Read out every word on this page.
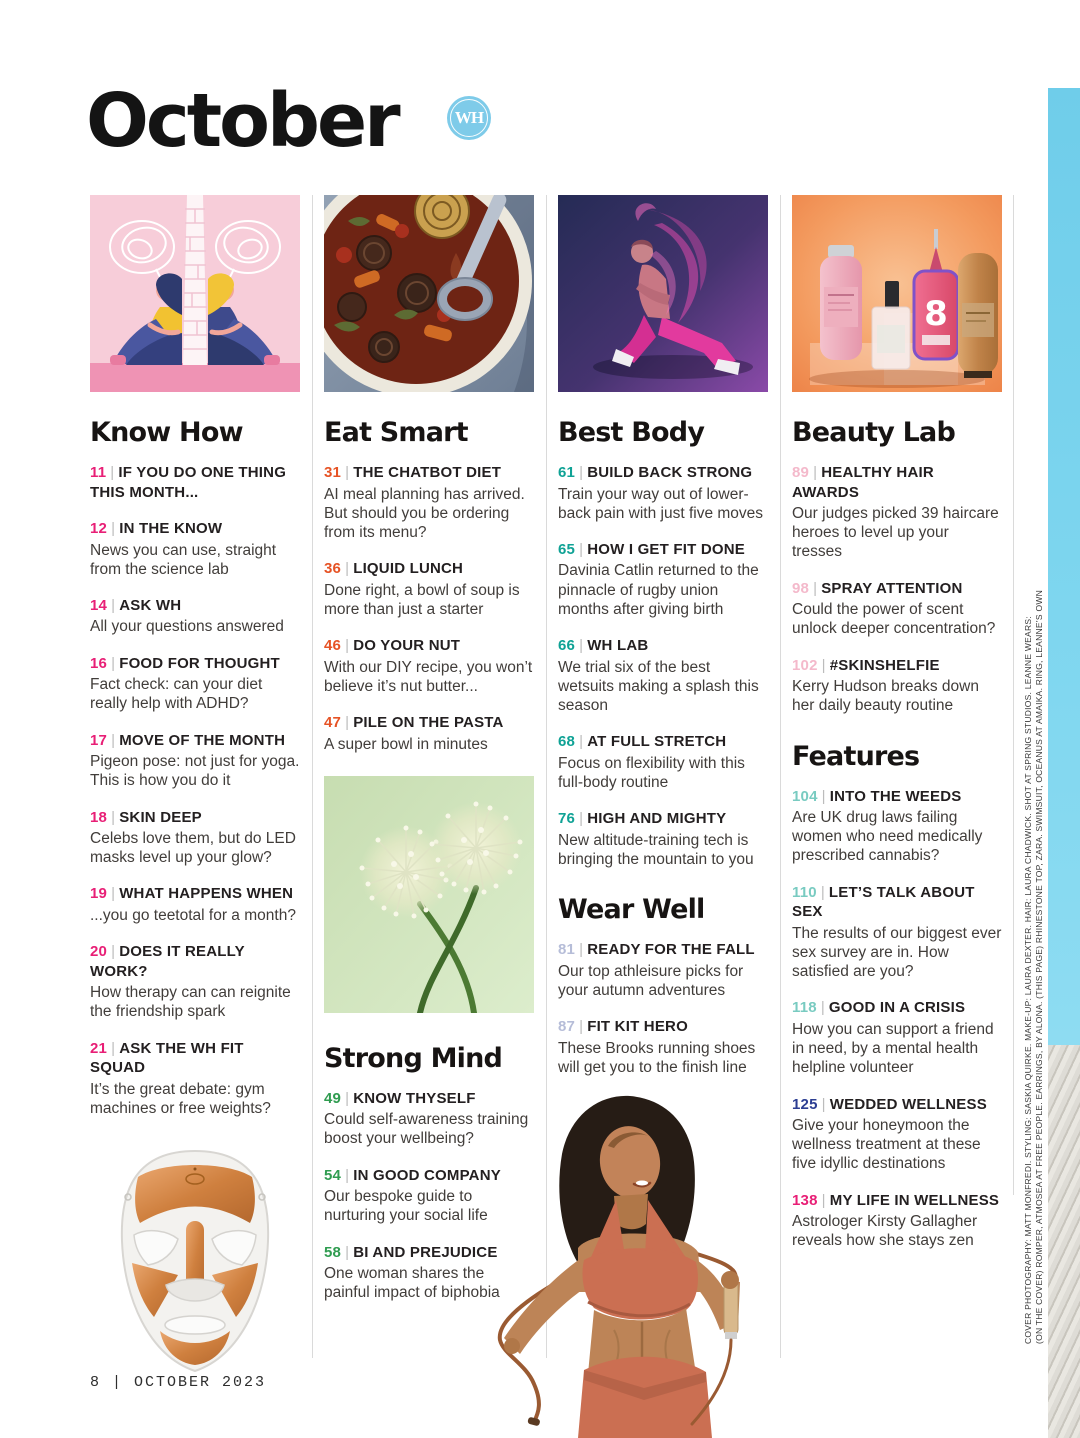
October	WH
Know How
11 | IF YOU DO ONE THING THIS MONTH...
12 | IN THE KNOW
News you can use, straight from the science lab
14 | ASK WH
All your questions answered
16 | FOOD FOR THOUGHT
Fact check: can your diet really help with ADHD?
17 | MOVE OF THE MONTH
Pigeon pose: not just for yoga. This is how you do it
18 | SKIN DEEP
Celebs love them, but do LED masks level up your glow?
19 | WHAT HAPPENS WHEN
...you go teetotal for a month?
20 | DOES IT REALLY WORK?
How therapy can can reignite the friendship spark
21 | ASK THE WH FIT SQUAD
It’s the great debate: gym machines or free weights?
Eat Smart
31 | THE CHATBOT DIET
AI meal planning has arrived. But should you be ordering from its menu?
36 | LIQUID LUNCH
Done right, a bowl of soup is more than just a starter
46 | DO YOUR NUT
With our DIY recipe, you won’t believe it’s nut butter...
47 | PILE ON THE PASTA
A super bowl in minutes
Strong Mind
49 | KNOW THYSELF
Could self-awareness training boost your wellbeing?
54 | IN GOOD COMPANY
Our bespoke guide to nurturing your social life
58 | BI AND PREJUDICE
One woman shares the painful impact of biphobia
Best Body
61 | BUILD BACK STRONG
Train your way out of lower-back pain with just five moves
65 | HOW I GET FIT DONE
Davinia Catlin returned to the pinnacle of rugby union months after giving birth
66 | WH LAB
We trial six of the best wetsuits making a splash this season
68 | AT FULL STRETCH
Focus on flexibility with this full-body routine
76 | HIGH AND MIGHTY
New altitude-training tech is bringing the mountain to you
Wear Well
81 | READY FOR THE FALL
Our top athleisure picks for your autumn adventures
87 | FIT KIT HERO
These Brooks running shoes will get you to the finish line
8
Beauty Lab
89 | HEALTHY HAIR AWARDS
Our judges picked 39 haircare heroes to level up your tresses
98 | SPRAY ATTENTION
Could the power of scent unlock deeper concentration?
102 | #SKINSHELFIE
Kerry Hudson breaks down her daily beauty routine
Features
104 | INTO THE WEEDS
Are UK drug laws failing women who need medically prescribed cannabis?
110 | LET’S TALK ABOUT SEX
The results of our biggest ever sex survey are in. How satisfied are you?
118 | GOOD IN A CRISIS
How you can support a friend in need, by a mental health helpline volunteer
125 | WEDDED WELLNESS
Give your honeymoon the wellness treatment at these five idyllic destinations
138 | MY LIFE IN WELLNESS
Astrologer Kirsty Gallagher reveals how she stays zen
8 | OCTOBER 2023
COVER PHOTOGRAPHY: MATT MONFREDI. STYLING: SASKIA QUIRKE. MAKE-UP: LAURA DEXTER. HAIR: LAURA CHADWICK. SHOT AT SPRING STUDIOS. LEANNE WEARS: (ON THE COVER) ROMPER, ATMOSEA AT FREE PEOPLE. EARRINGS, BY ALONA. (THIS PAGE) RHINESTONE TOP, ZARA. SWIMSUIT, OCEANUS AT AMAIKA. RING, LEANNE’S OWN
